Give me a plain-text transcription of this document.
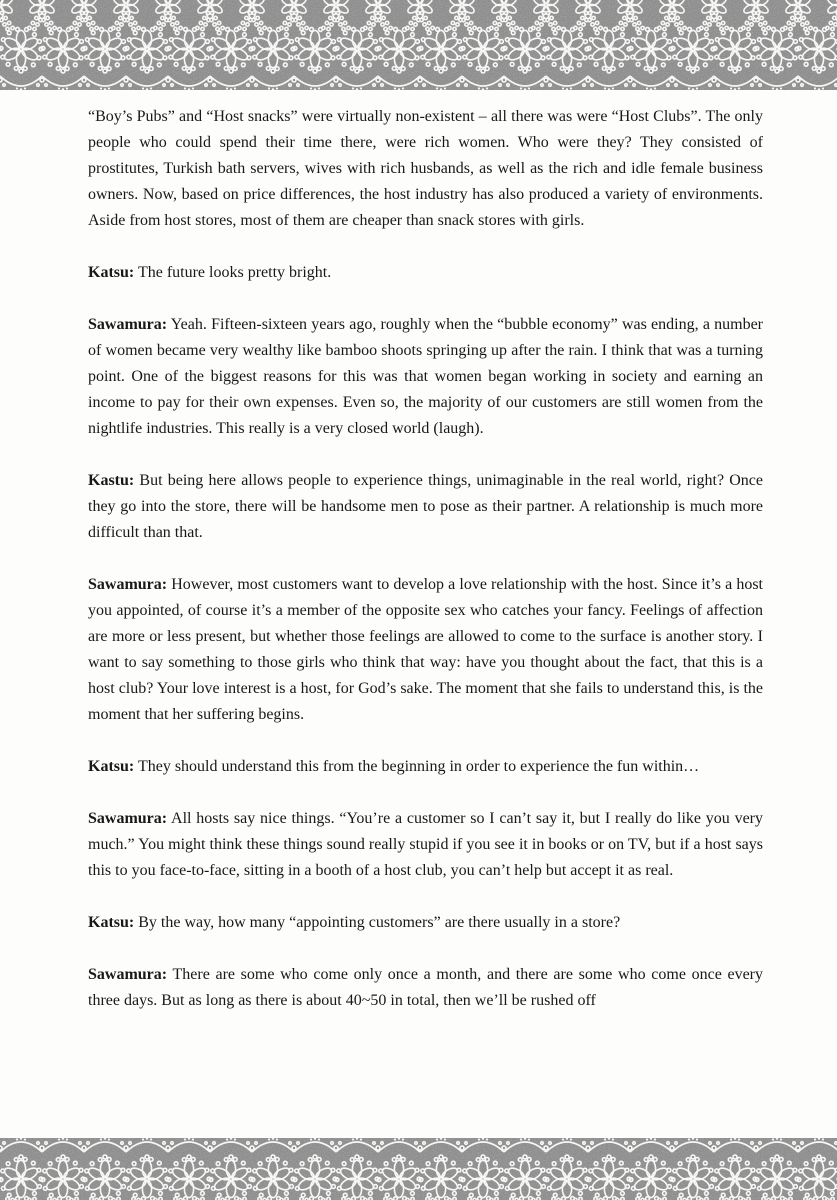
“Boy’s Pubs” and “Host snacks” were virtually non-existent – all there was were “Host Clubs”. The only people who could spend their time there, were rich women. Who were they? They consisted of prostitutes, Turkish bath servers, wives with rich husbands, as well as the rich and idle female business owners. Now, based on price differences, the host industry has also produced a variety of environments. Aside from host stores, most of them are cheaper than snack stores with girls.

Katsu: The future looks pretty bright.

Sawamura: Yeah. Fifteen-sixteen years ago, roughly when the “bubble economy” was ending, a number of women became very wealthy like bamboo shoots springing up after the rain. I think that was a turning point. One of the biggest reasons for this was that women began working in society and earning an income to pay for their own expenses. Even so, the majority of our customers are still women from the nightlife industries. This really is a very closed world (laugh).

Kastu: But being here allows people to experience things, unimaginable in the real world, right? Once they go into the store, there will be handsome men to pose as their partner. A relationship is much more difficult than that.

Sawamura: However, most customers want to develop a love relationship with the host. Since it’s a host you appointed, of course it’s a member of the opposite sex who catches your fancy. Feelings of affection are more or less present, but whether those feelings are allowed to come to the surface is another story. I want to say something to those girls who think that way: have you thought about the fact, that this is a host club? Your love interest is a host, for God’s sake. The moment that she fails to understand this, is the moment that her suffering begins.

Katsu: They should understand this from the beginning in order to experience the fun within…

Sawamura: All hosts say nice things. “You’re a customer so I can’t say it, but I really do like you very much.” You might think these things sound really stupid if you see it in books or on TV, but if a host says this to you face-to-face, sitting in a booth of a host club, you can’t help but accept it as real.

Katsu: By the way, how many “appointing customers” are there usually in a store?

Sawamura: There are some who come only once a month, and there are some who come once every three days. But as long as there is about 40~50 in total, then we’ll be rushed off
